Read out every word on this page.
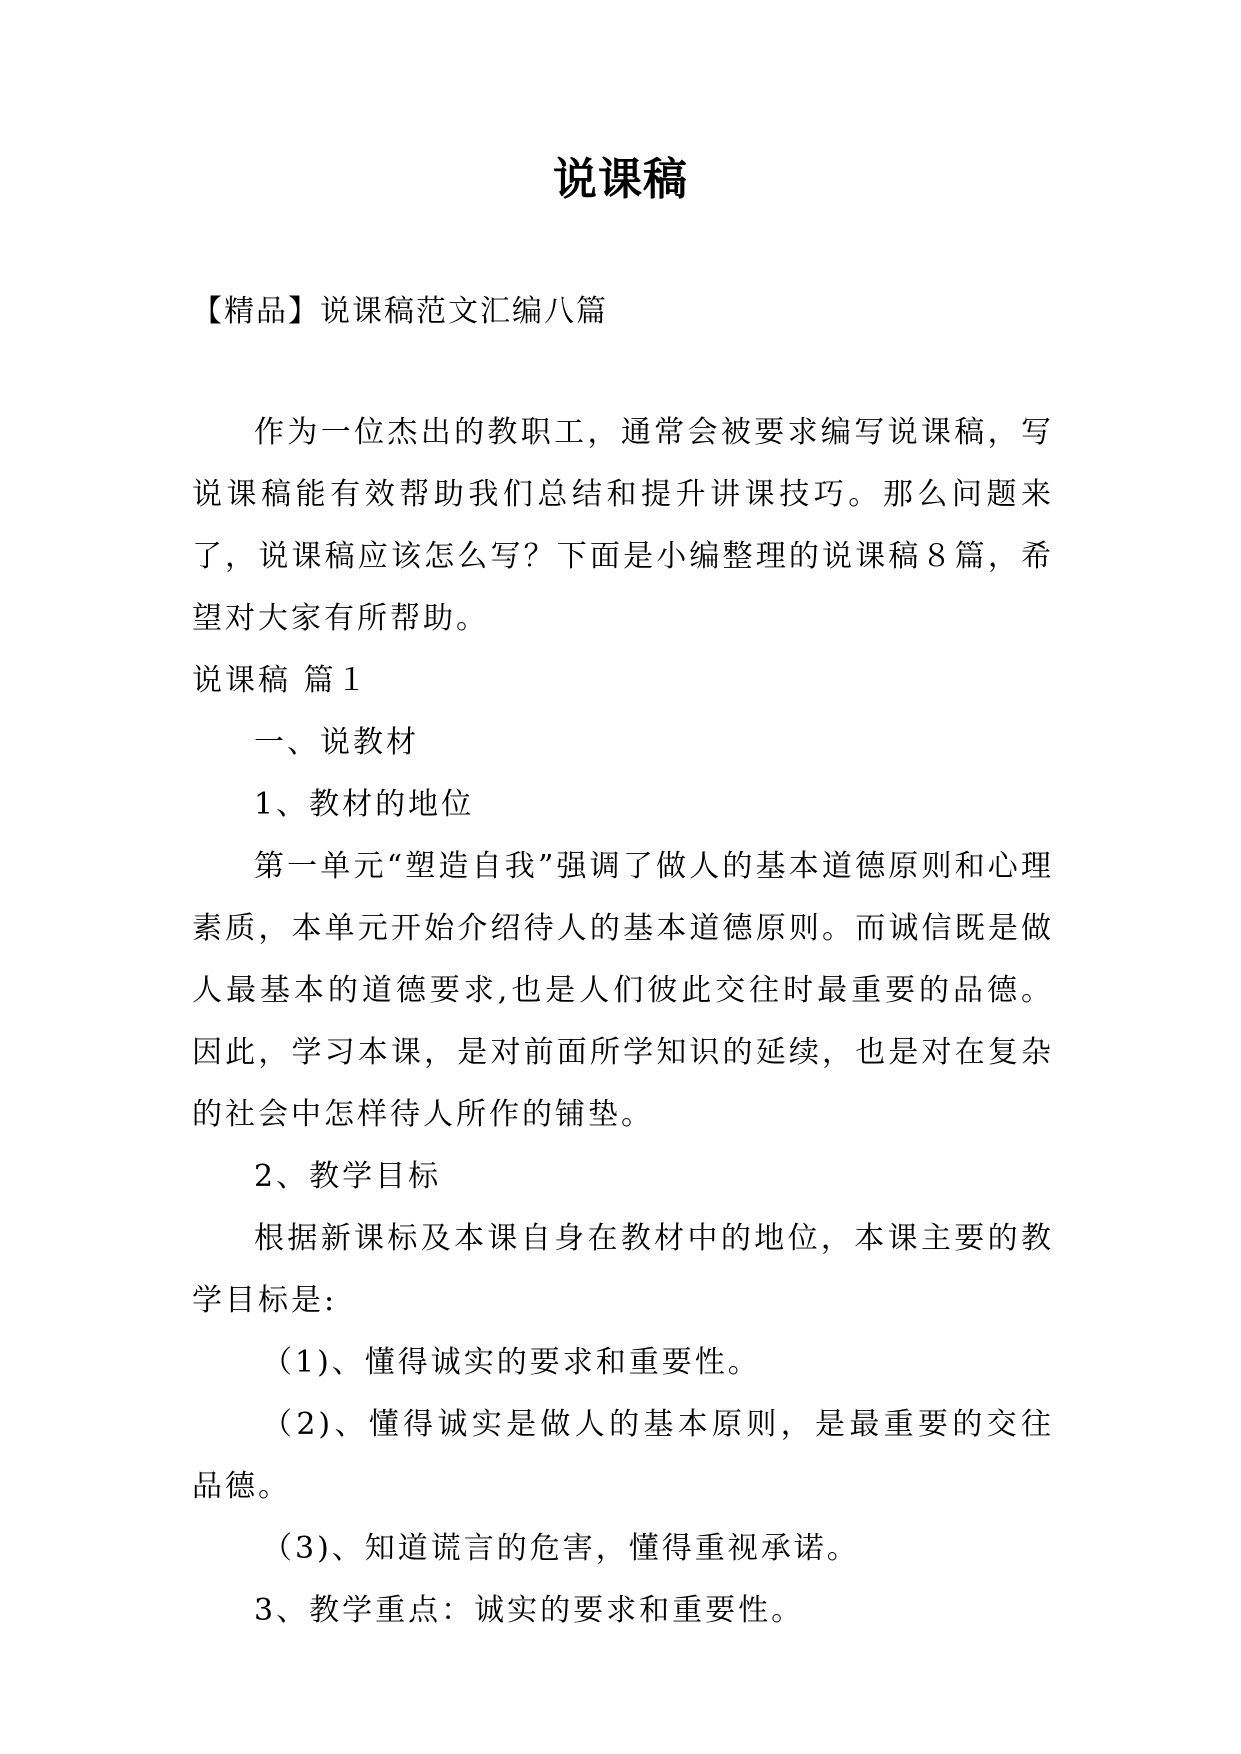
说课稿
【精品】说课稿范文汇编八篇

作为一位杰出的教职工，通常会被要求编写说课稿，写说课稿能有效帮助我们总结和提升讲课技巧。那么问题来了，说课稿应该怎么写？下面是小编整理的说课稿８篇，希望对大家有所帮助。

说课稿 篇１

一、说教材

1、教材的地位

第一单元“塑造自我”强调了做人的基本道德原则和心理素质，本单元开始介绍待人的基本道德原则。而诚信既是做人最基本的道德要求,也是人们彼此交往时最重要的品德。因此，学习本课，是对前面所学知识的延续，也是对在复杂的社会中怎样待人所作的铺垫。

2、教学目标

根据新课标及本课自身在教材中的地位，本课主要的教学目标是:

（1)、懂得诚实的要求和重要性。

（2)、懂得诚实是做人的基本原则，是最重要的交往品德。

（3)、知道谎言的危害，懂得重视承诺。

3、教学重点：诚实的要求和重要性。
